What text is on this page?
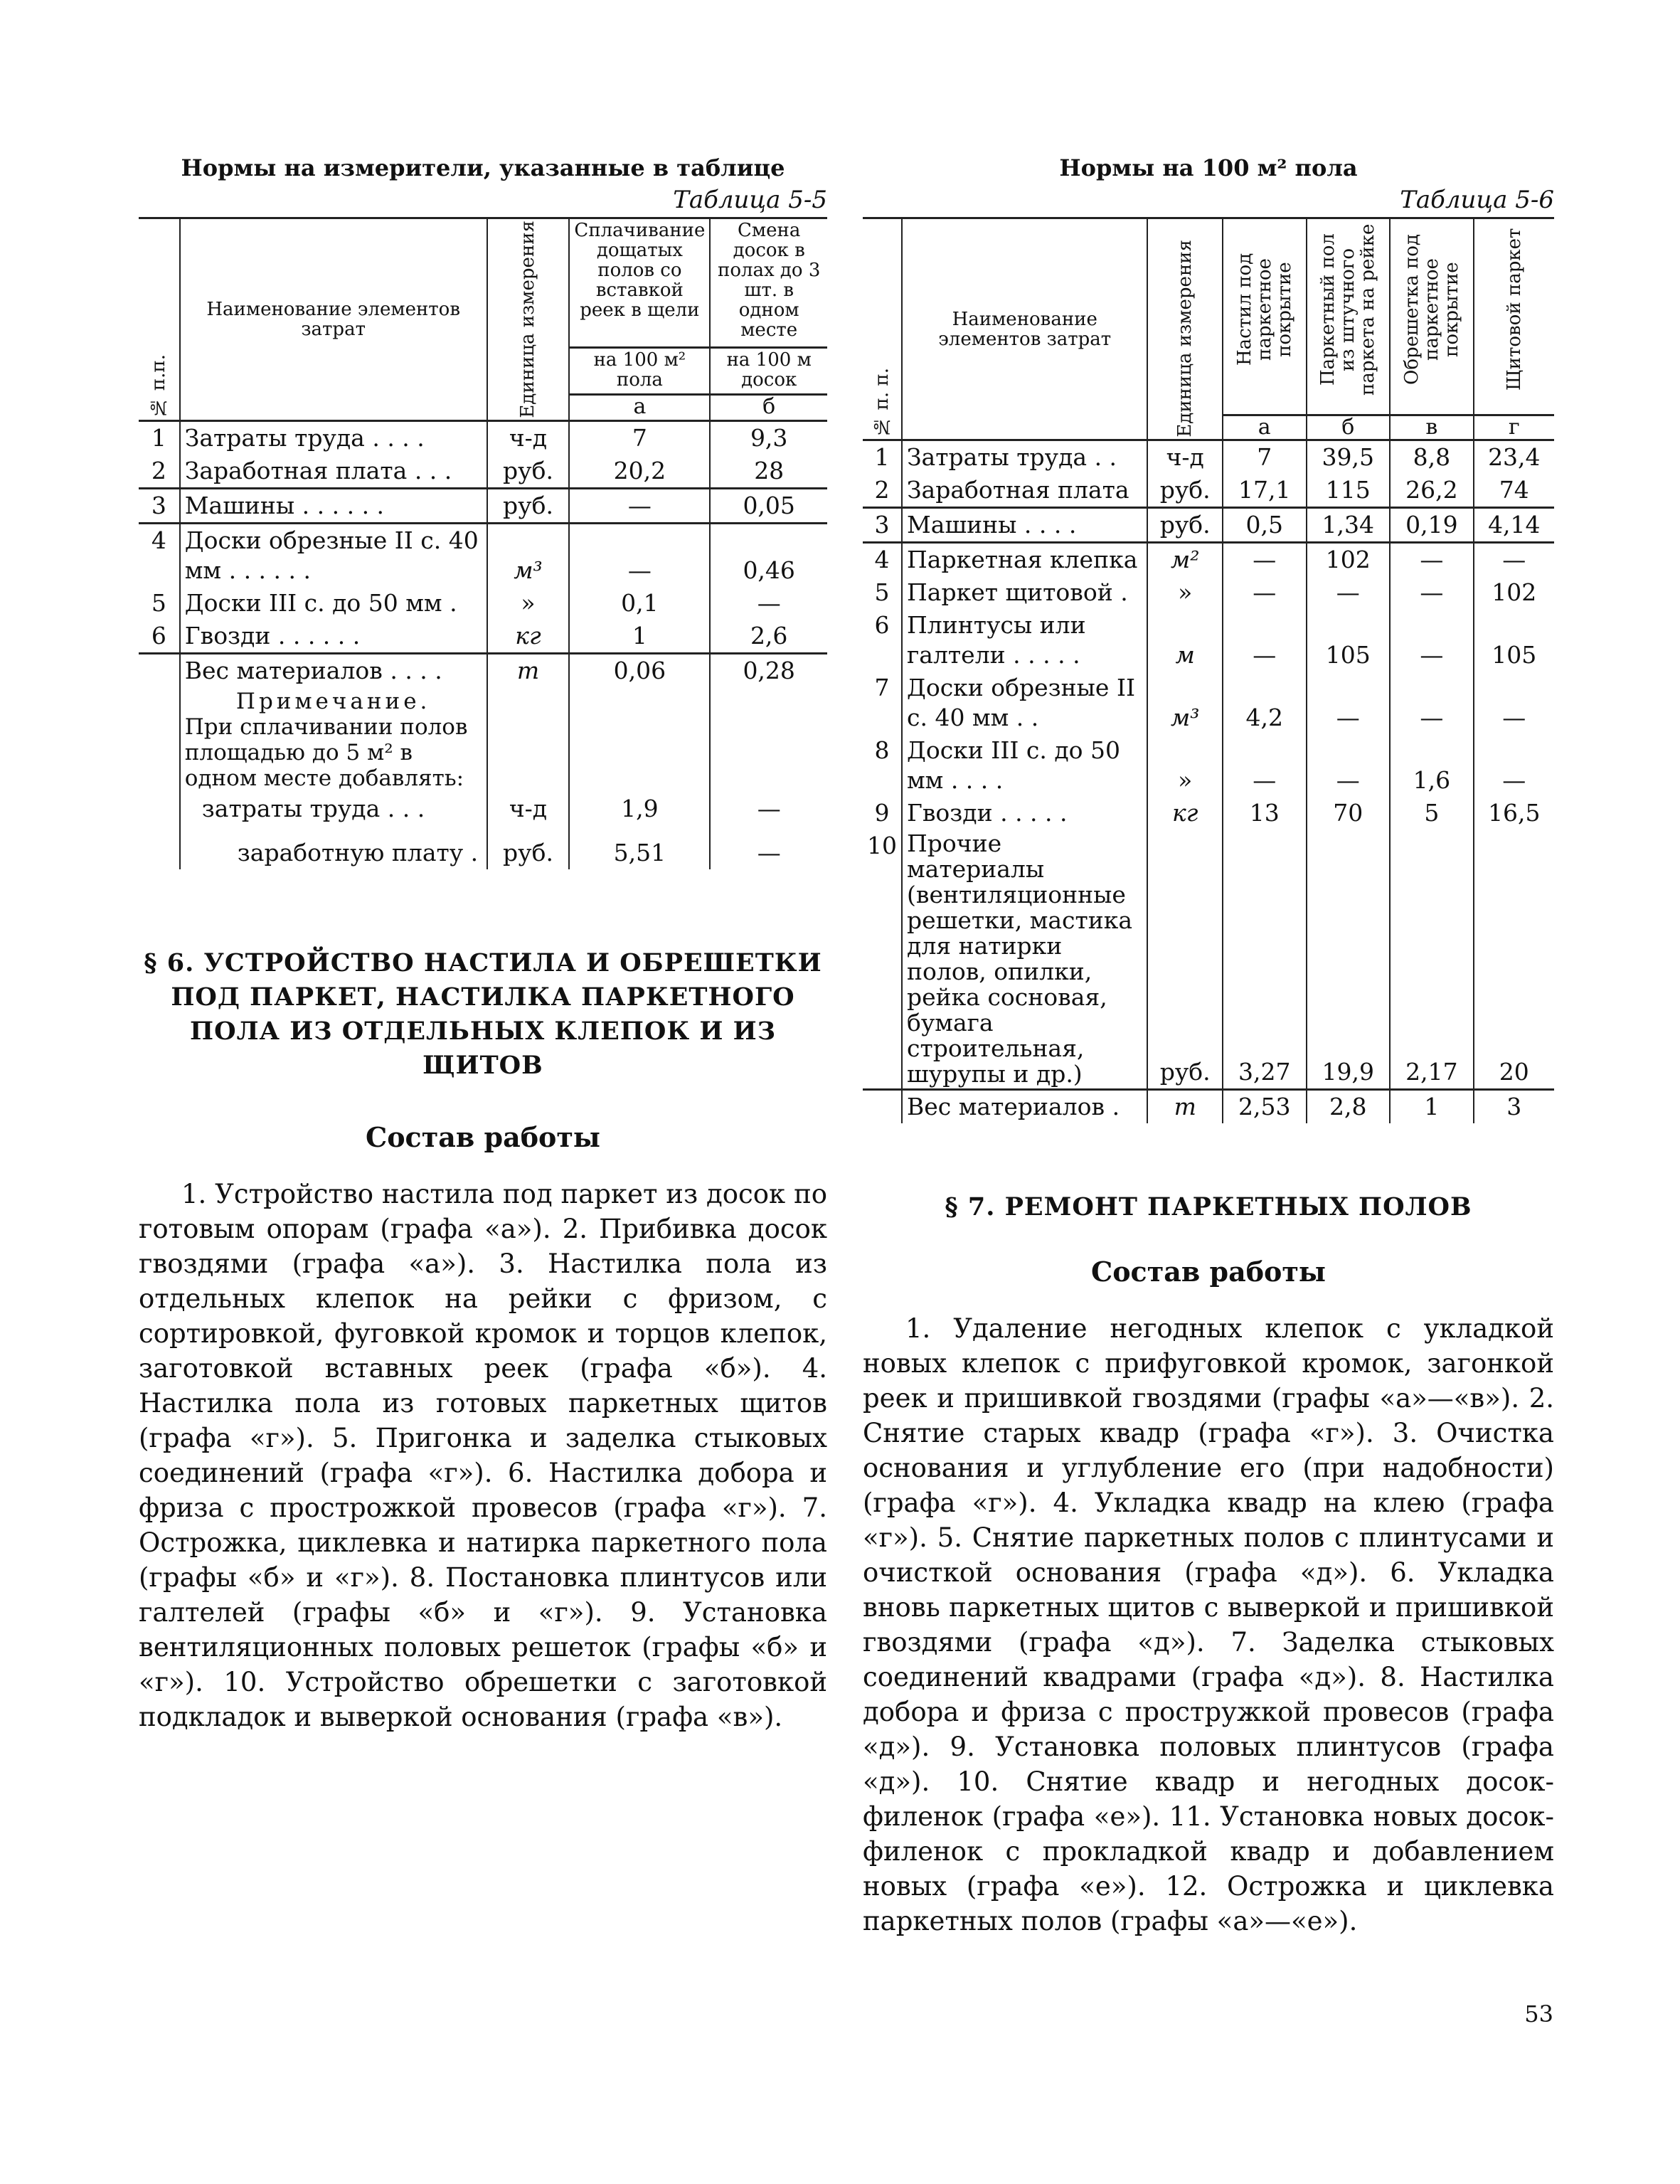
Нормы на измерители, указанные в таблице
Таблица 5-5
№ п.п.	Наименование элементов затрат	Единица измерения	Сплачивание дощатых полов со вставкой реек в щели	Смена досок в полах до 3 шт. в одном месте
			на 100 м² пола	на 100 м досок
			а	б
1	Затраты труда . . . .	ч-д	7	9,3
2	Заработная плата . . .	руб.	20,2	28
3	Машины . . . . . .	руб.	—	0,05
4	Доски обрезные II с. 40 мм . . . . . .	м³	—	0,46
5	Доски III с. до 50 мм .	»	0,1	—
6	Гвозди . . . . . .	кг	1	2,6
	Вес материалов . . . .	т	0,06	0,28

	Примечание.
При сплачивании полов площадью до 5 м² в одном месте добавлять:			

	затраты труда . . .	ч-д	1,9	—
	заработную плату .	руб.	5,51	—
§ 6. УСТРОЙСТВО НАСТИЛА И ОБРЕШЕТКИ ПОД ПАРКЕТ, НАСТИЛКА ПАРКЕТНОГО ПОЛА ИЗ ОТДЕЛЬНЫХ КЛЕПОК И ИЗ ЩИТОВ
Состав работы

1. Устройство настила под паркет из досок по готовым опорам (графа «а»). 2. Прибивка досок гвоздями (графа «а»). 3. Настилка пола из отдельных клепок на рейки с фризом, с сортировкой, фуговкой кромок и торцов клепок, заготовкой вставных реек (графа «б»). 4. Настилка пола из готовых паркетных щитов (графа «г»). 5. Пригонка и заделка стыковых соединений (графа «г»). 6. Настилка добора и фриза с прострожкой провесов (графа «г»). 7. Острожка, циклевка и натирка паркетного пола (графы «б» и «г»). 8. Постановка плинтусов или галтелей (графы «б» и «г»). 9. Установка вентиляционных половых решеток (графы «б» и «г»). 10. Устройство обрешетки с заготовкой подкладок и выверкой основания (графа «в»).

Нормы на 100 м² пола
Таблица 5-6
№ п. п.	Наименование элементов затрат	Единица измерения	Настил под паркетное покрытие	Паркетный пол из штучного паркета на рейке	Обрешетка под паркетное покрытие	Щитовой паркет

			а	б	в	г
1	Затраты труда . .	ч-д	7	39,5	8,8	23,4
2	Заработная плата	руб.	17,1	115	26,2	74
3	Машины . . . .	руб.	0,5	1,34	0,19	4,14
4	Паркетная клепка	м²	—	102	—	—
5	Паркет щитовой .	»	—	—	—	102
6	Плинтусы или галтели . . . . .	м	—	105	—	105
7	Доски обрезные II с. 40 мм . .	м³	4,2	—	—	—
8	Доски III с. до 50 мм . . . .	»	—	—	1,6	—
9	Гвозди . . . . .	кг	13	70	5	16,5
10	Прочие материалы (вентиляционные решетки, мастика для натирки полов, опилки, рейка сосновая, бумага строительная, шурупы и др.)	руб.	3,27	19,9	2,17	20
	Вес материалов .	т	2,53	2,8	1	3
§ 7. РЕМОНТ ПАРКЕТНЫХ ПОЛОВ
Состав работы

1. Удаление негодных клепок с укладкой новых клепок с прифуговкой кромок, загонкой реек и пришивкой гвоздями (графы «а»—«в»). 2. Снятие старых квадр (графа «г»). 3. Очистка основания и углубление его (при надобности) (графа «г»). 4. Укладка квадр на клею (графа «г»). 5. Снятие паркетных полов с плинтусами и очисткой основания (графа «д»). 6. Укладка вновь паркетных щитов с выверкой и пришивкой гвоздями (графа «д»). 7. Заделка стыковых соединений квадрами (графа «д»). 8. Настилка добора и фриза с простружкой провесов (графа «д»). 9. Установка половых плинтусов (графа «д»). 10. Снятие квадр и негодных досок-филенок (графа «е»). 11. Установка новых досок-филенок с прокладкой квадр и добавлением новых (графа «е»). 12. Острожка и циклевка паркетных полов (графы «а»—«е»).

53
